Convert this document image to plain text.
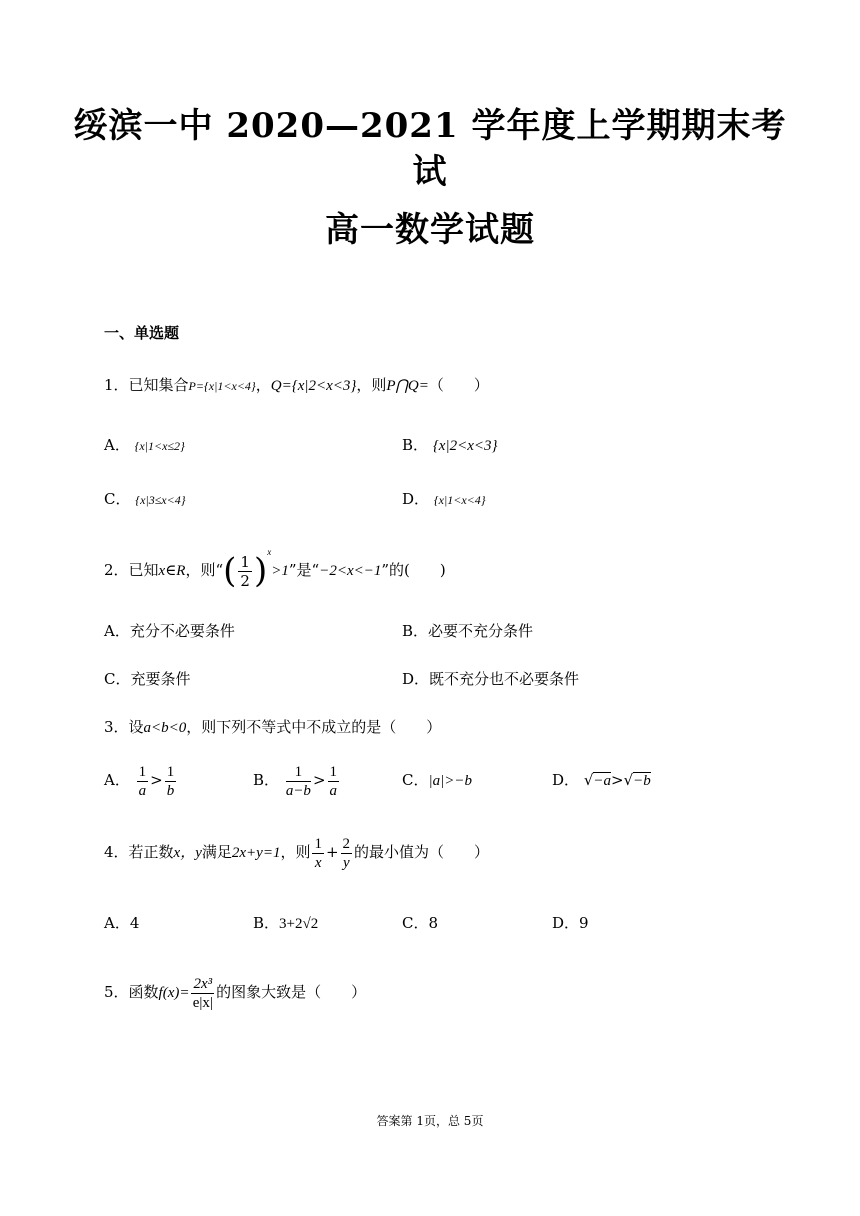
绥滨一中 2020—2021 学年度上学期期末考
试
高一数学试题
一、单选题
1．已知集合P={x|1<x<4}，Q={x|2<x<3}，则P⋂Q=（　　）
A． {x|1<x≤2}	B． {x|2<x<3}
C． {x|3≤x<4}	D． {x|1<x<4}
2．已知x∈R，则“( $\frac{1}{2} )^x>1$”是“−2<x<−1”的(　　)
A．充分不必要条件	B．必要不充分条件
C．充要条件	D．既不充分也不必要条件
3．设a<b<0，则下列不等式中不成立的是（　　）
A． $\frac{1}{a} > \frac{1}{b}$	B． $\frac{1}{a-b} > \frac{1}{a}$	C．|a|>−b	D． √−a>√−b
4．若正数x，y满足2x+y=1，则 $\frac{1}{x} + \frac{2}{y}$ 的最小值为（　　）
A．4	B．3+2√2	C．8	D．9
5．函数$f(x)= \frac{\text{2x³}}{e|x|}$ 的图象大致是（　　）
答案第 1页，总 5页
